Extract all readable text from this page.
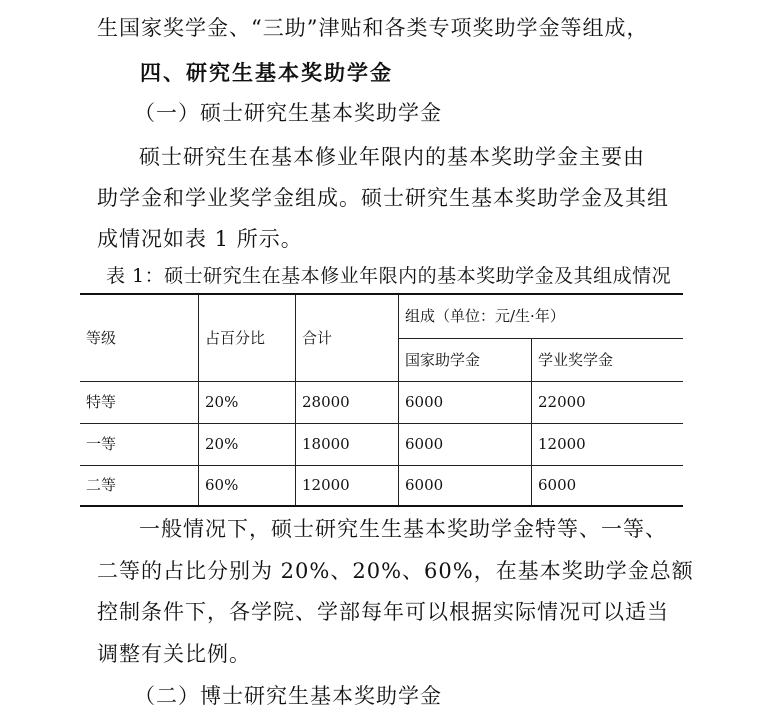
生国家奖学金、“三助”津贴和各类专项奖助学金等组成，
四、研究生基本奖助学金
（一）硕士研究生基本奖助学金
硕士研究生在基本修业年限内的基本奖助学金主要由
助学金和学业奖学金组成。硕士研究生基本奖助学金及其组
成情况如表 1 所示。
表 1：硕士研究生在基本修业年限内的基本奖助学金及其组成情况
等级	占百分比	合计	组成（单位：元/生·年）	
			国家助学金	学业奖学金
特等	20%	28000	6000	22000
一等	20%	18000	6000	12000
二等	60%	12000	6000	6000
一般情况下，硕士研究生生基本奖助学金特等、一等、
二等的占比分别为 20%、20%、60%，在基本奖助学金总额
控制条件下，各学院、学部每年可以根据实际情况可以适当
调整有关比例。
（二）博士研究生基本奖助学金
